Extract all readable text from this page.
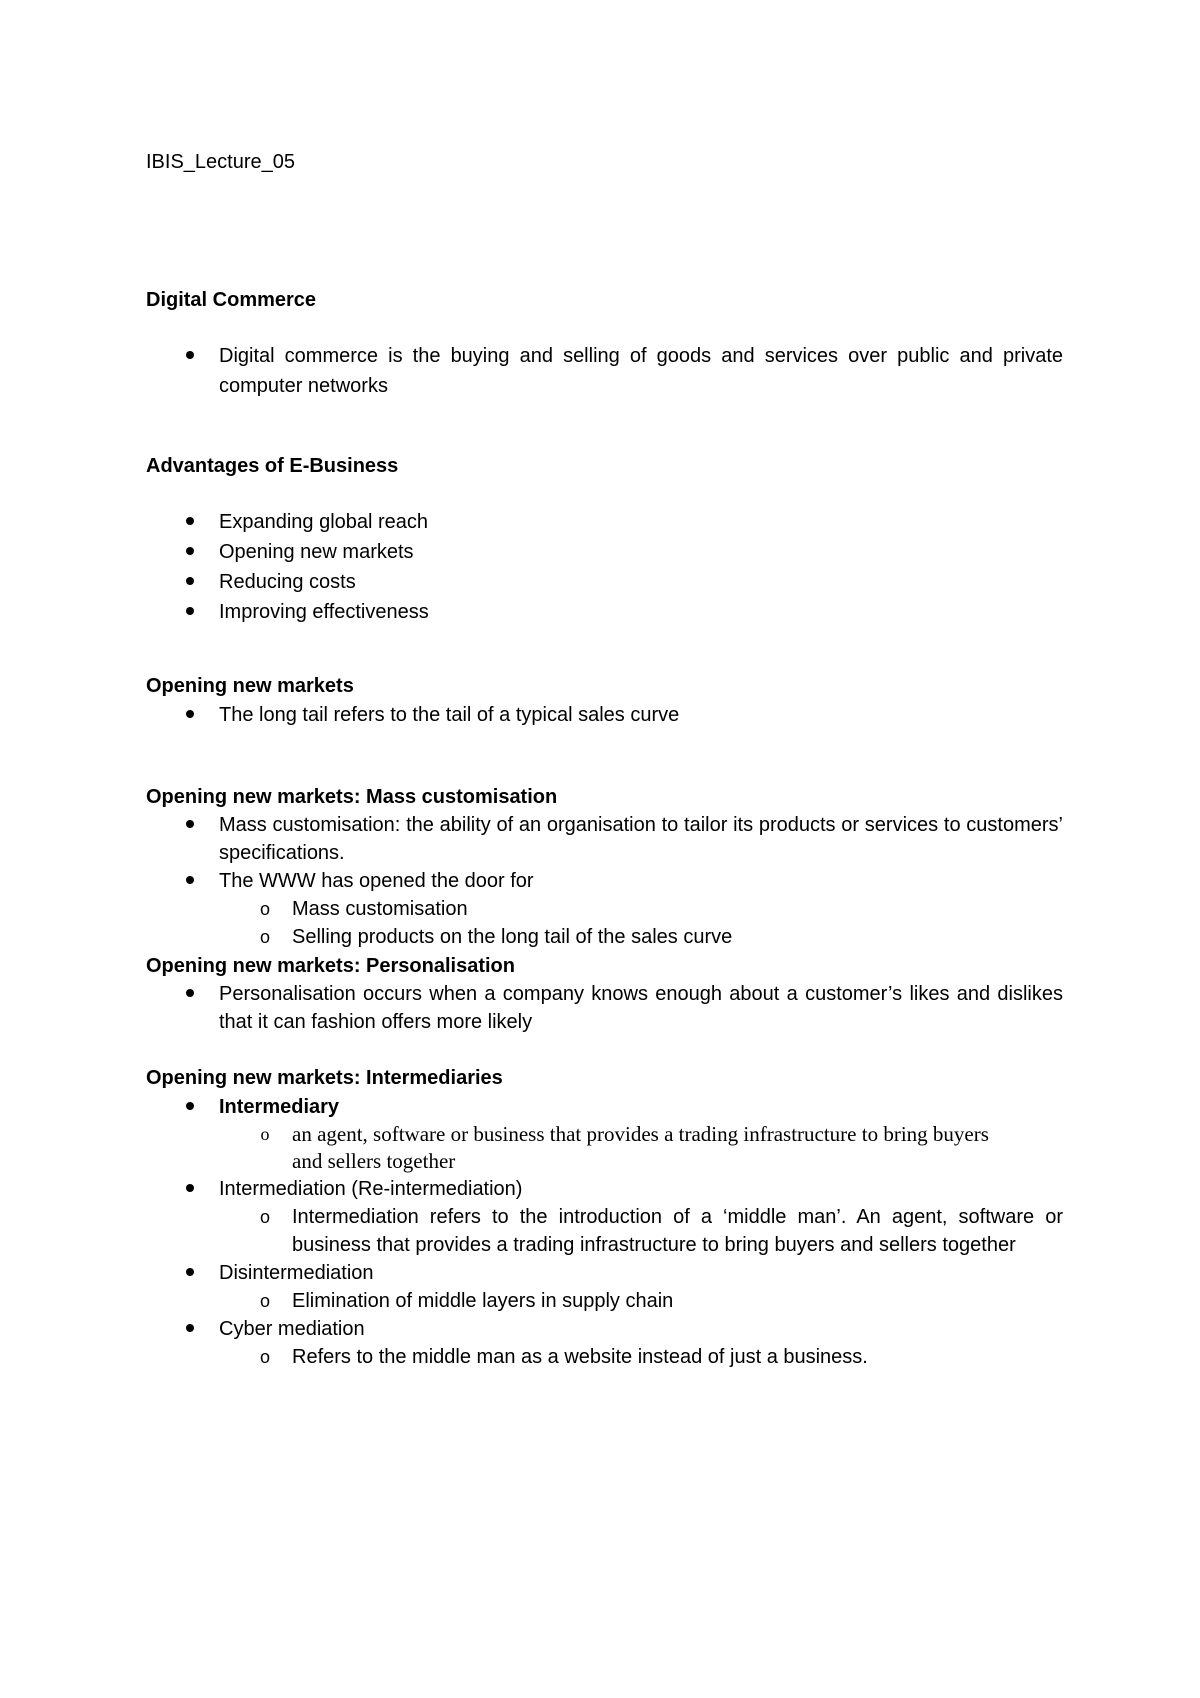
IBIS_Lecture_05
Digital Commerce
Digital commerce is the buying and selling of goods and services over public and private computer networks
Advantages of E-Business
Expanding global reach
Opening new markets
Reducing costs
Improving effectiveness
Opening new markets
The long tail refers to the tail of a typical sales curve
Opening new markets: Mass customisation
Mass customisation: the ability of an organisation to tailor its products or services to customers’ specifications.
The WWW has opened the door for
o Mass customisation
o Selling products on the long tail of the sales curve
Opening new markets: Personalisation
Personalisation occurs when a company knows enough about a customer’s likes and dislikes that it can fashion offers more likely
Opening new markets: Intermediaries
Intermediary
o an agent, software or business that provides a trading infrastructure to bring buyers and sellers together
Intermediation (Re-intermediation)
o Intermediation refers to the introduction of a ‘middle man’. An agent, software or business that provides a trading infrastructure to bring buyers and sellers together
Disintermediation
o Elimination of middle layers in supply chain
Cyber mediation
o Refers to the middle man as a website instead of just a business.
